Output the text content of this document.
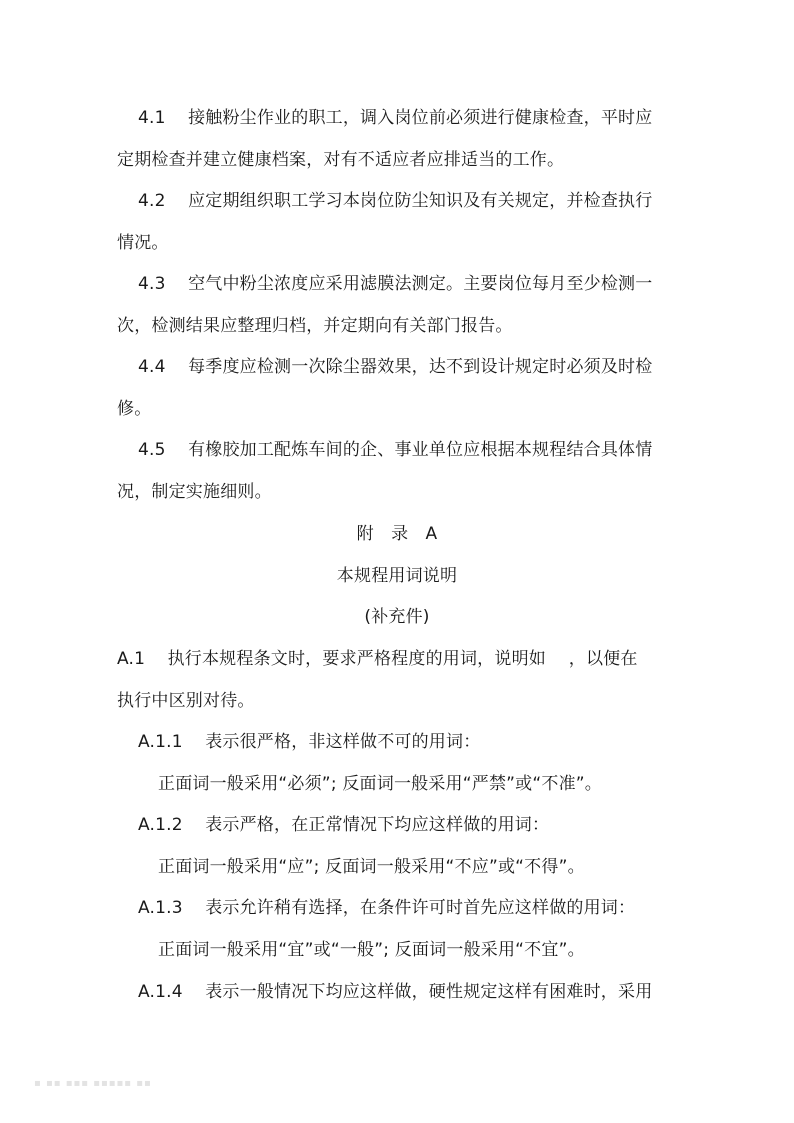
4.1 接触粉尘作业的职工，调入岗位前必须进行健康检查，平时应
定期检查并建立健康档案，对有不适应者应排适当的工作。
4.2 应定期组织职工学习本岗位防尘知识及有关规定，并检查执行
情况。
4.3 空气中粉尘浓度应采用滤膜法测定。主要岗位每月至少检测一
次，检测结果应整理归档，并定期向有关部门报告。
4.4 每季度应检测一次除尘器效果，达不到设计规定时必须及时检
修。
4.5 有橡胶加工配炼车间的企、事业单位应根据本规程结合具体情
况，制定实施细则。
附　录　A
本规程用词说明
(补充件)
A.1 执行本规程条文时，要求严格程度的用词，说明如　 ，以便在
执行中区别对待。
A.1.1 表示很严格，非这样做不可的用词：
正面词一般采用“必须”; 反面词一般采用“严禁”或“不准”。
A.1.2 表示严格，在正常情况下均应这样做的用词：
正面词一般采用“应”; 反面词一般采用“不应”或“不得”。
A.1.3 表示允许稍有选择，在条件许可时首先应这样做的用词：
正面词一般采用“宜”或“一般”; 反面词一般采用“不宜”。
A.1.4 表示一般情况下均应这样做，硬性规定这样有困难时，采用
▪ ▪▪ ▪▪▪ ▪▪▪▪▪ ▪▪
